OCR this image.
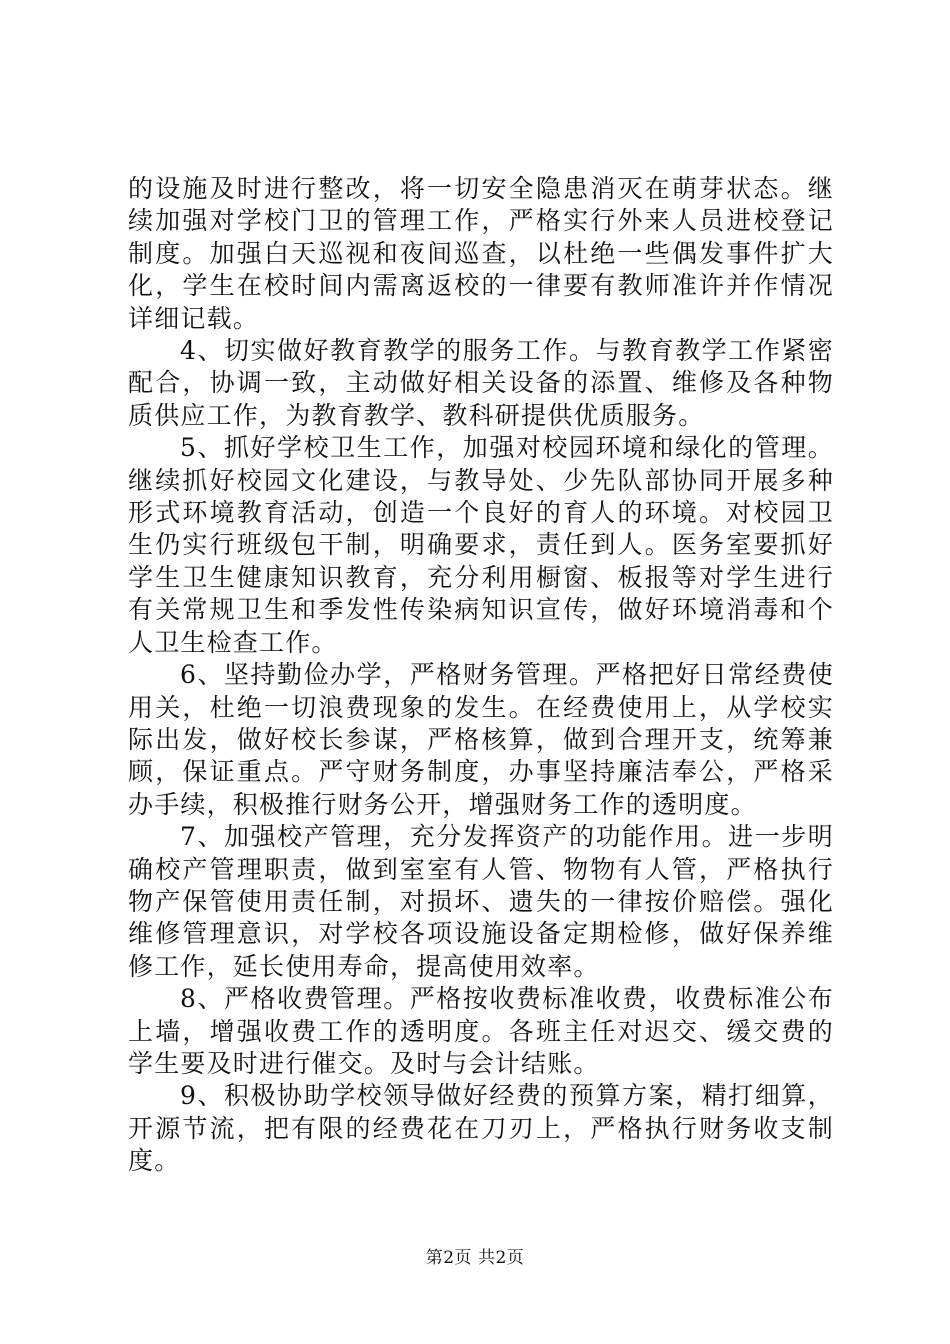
的设施及时进行整改，将一切安全隐患消灭在萌芽状态。继续加强对学校门卫的管理工作，严格实行外来人员进校登记制度。加强白天巡视和夜间巡查，以杜绝一些偶发事件扩大化，学生在校时间内需离返校的一律要有教师准许并作情况详细记载。

4、切实做好教育教学的服务工作。与教育教学工作紧密配合，协调一致，主动做好相关设备的添置、维修及各种物质供应工作，为教育教学、教科研提供优质服务。

5、抓好学校卫生工作，加强对校园环境和绿化的管理。继续抓好校园文化建设，与教导处、少先队部协同开展多种形式环境教育活动，创造一个良好的育人的环境。对校园卫生仍实行班级包干制，明确要求，责任到人。医务室要抓好学生卫生健康知识教育，充分利用橱窗、板报等对学生进行有关常规卫生和季发性传染病知识宣传，做好环境消毒和个人卫生检查工作。

6、坚持勤俭办学，严格财务管理。严格把好日常经费使用关，杜绝一切浪费现象的发生。在经费使用上，从学校实际出发，做好校长参谋，严格核算，做到合理开支，统筹兼顾，保证重点。严守财务制度，办事坚持廉洁奉公，严格采办手续，积极推行财务公开，增强财务工作的透明度。

7、加强校产管理，充分发挥资产的功能作用。进一步明确校产管理职责，做到室室有人管、物物有人管，严格执行物产保管使用责任制，对损坏、遗失的一律按价赔偿。强化维修管理意识，对学校各项设施设备定期检修，做好保养维修工作，延长使用寿命，提高使用效率。

8、严格收费管理。严格按收费标准收费，收费标准公布上墙，增强收费工作的透明度。各班主任对迟交、缓交费的学生要及时进行催交。及时与会计结账。

9、积极协助学校领导做好经费的预算方案，精打细算，开源节流，把有限的经费花在刀刃上，严格执行财务收支制度。

第2页 共2页
